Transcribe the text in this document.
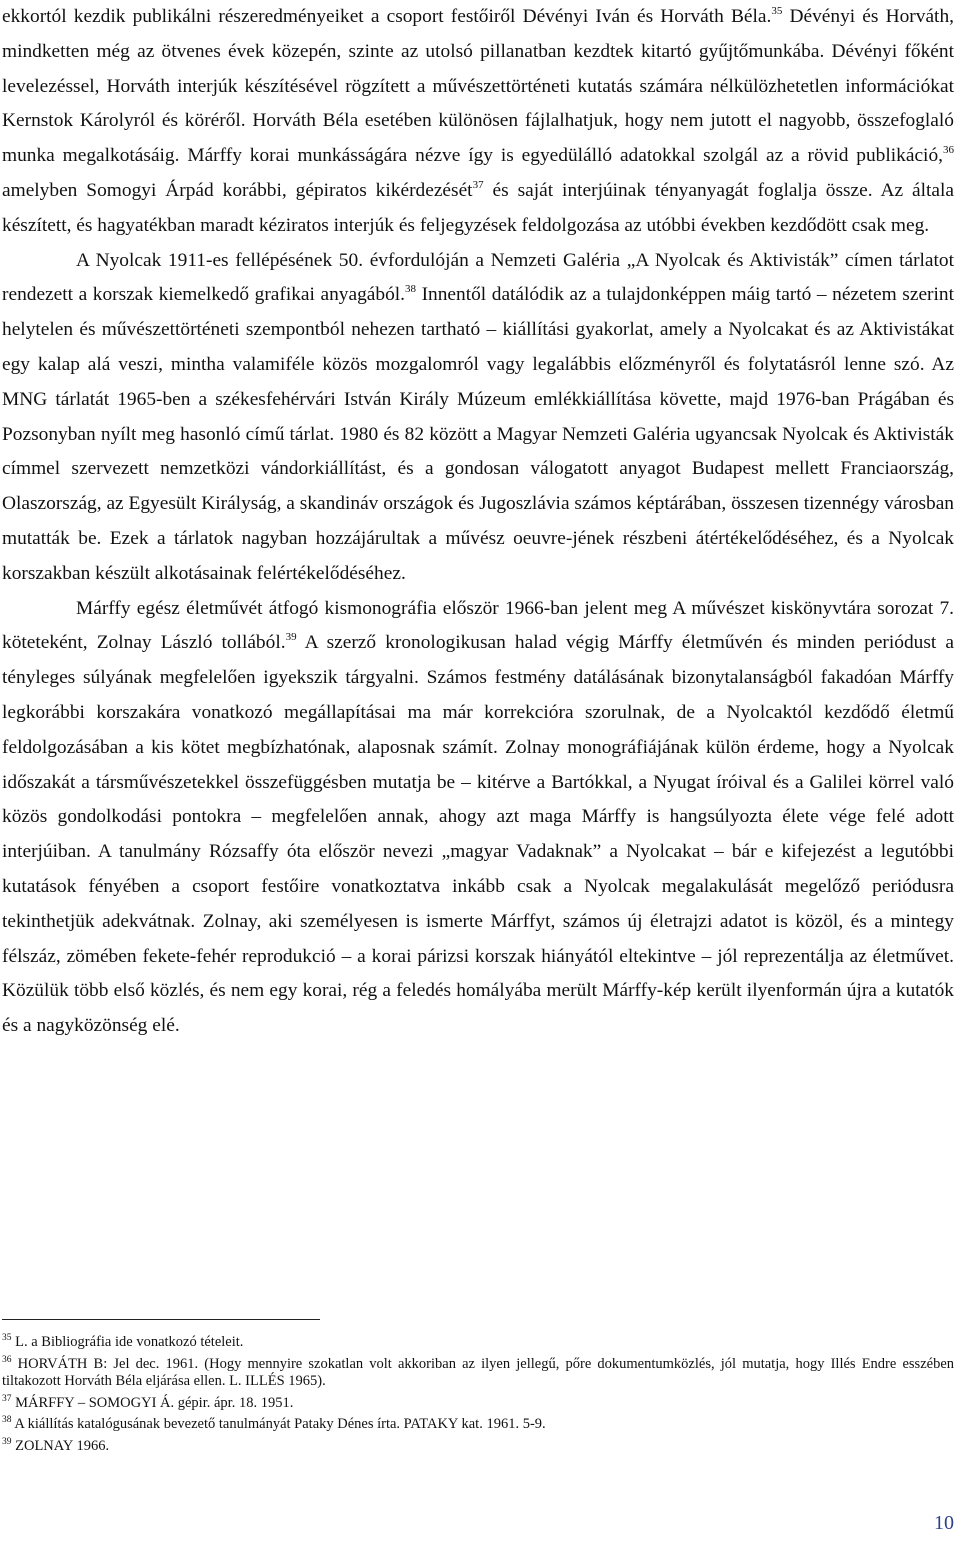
ekkortól kezdik publikálni részeredményeiket a csoport festőiről Dévényi Iván és Horváth Béla.$^{35}$ Dévényi és Horváth, mindketten még az ötvenes évek közepén, szinte az utolsó pillanatban kezdtek kitartó gyűjtőmunkába. Dévényi főként levelezéssel, Horváth interjúk készítésével rögzített a művészettörténeti kutatás számára nélkülözhetetlen információkat Kernstok Károlyról és köréről. Horváth Béla esetében különösen fájlalhatjuk, hogy nem jutott el nagyobb, összefoglaló munka megalkotásáig. Márffy korai munkásságára nézve így is egyedülálló adatokkal szolgál az a rövid publikáció,$^{36}$ amelyben Somogyi Árpád korábbi, gépiratos kikérdezését$^{37}$ és saját interjúinak tényanyagát foglalja össze. Az általa készített, és hagyatékban maradt kéziratos interjúk és feljegyzések feldolgozása az utóbbi években kezdődött csak meg.

A Nyolcak 1911-es fellépésének 50. évfordulóján a Nemzeti Galéria „A Nyolcak és Aktivisták” címen tárlatot rendezett a korszak kiemelkedő grafikai anyagából.$^{38}$ Innentől datálódik az a tulajdonképpen máig tartó – nézetem szerint helytelen és művészettörténeti szempontból nehezen tartható – kiállítási gyakorlat, amely a Nyolcakat és az Aktivistákat egy kalap alá veszi, mintha valamiféle közös mozgalomról vagy legalábbis előzményről és folytatásról lenne szó. Az MNG tárlatát 1965-ben a székesfehérvári István Király Múzeum emlékkiállítása követte, majd 1976-ban Prágában és Pozsonyban nyílt meg hasonló című tárlat. 1980 és 82 között a Magyar Nemzeti Galéria ugyancsak Nyolcak és Aktivisták címmel szervezett nemzetközi vándorkiállítást, és a gondosan válogatott anyagot Budapest mellett Franciaország, Olaszország, az Egyesült Királyság, a skandináv országok és Jugoszlávia számos képtárában, összesen tizennégy városban mutatták be. Ezek a tárlatok nagyban hozzájárultak a művész oeuvre-jének részbeni átértékelődéséhez, és a Nyolcak korszakban készült alkotásainak felértékelődéséhez.

Márffy egész életművét átfogó kismonográfia először 1966-ban jelent meg A művészet kiskönyvtára sorozat 7. köteteként, Zolnay László tollából.$^{39}$ A szerző kronologikusan halad végig Márffy életművén és minden periódust a tényleges súlyának megfelelően igyekszik tárgyalni. Számos festmény datálásának bizonytalanságból fakadóan Márffy legkorábbi korszakára vonatkozó megállapításai ma már korrekcióra szorulnak, de a Nyolcaktól kezdődő életmű feldolgozásában a kis kötet megbízhatónak, alaposnak számít. Zolnay monográfiájának külön érdeme, hogy a Nyolcak időszakát a társművészetekkel összefüggésben mutatja be – kitérve a Bartókkal, a Nyugat íróival és a Galilei körrel való közös gondolkodási pontokra – megfelelően annak, ahogy azt maga Márffy is hangsúlyozta élete vége felé adott interjúiban. A tanulmány Rózsaffy óta először nevezi „magyar Vadaknak” a Nyolcakat – bár e kifejezést a legutóbbi kutatások fényében a csoport festőire vonatkoztatva inkább csak a Nyolcak megalakulását megelőző periódusra tekinthetjük adekvátnak. Zolnay, aki személyesen is ismerte Márffyt, számos új életrajzi adatot is közöl, és a mintegy félszáz, zömében fekete-fehér reprodukció – a korai párizsi korszak hiányától eltekintve – jól reprezentálja az életművet. Közülük több első közlés, és nem egy korai, rég a feledés homályába merült Márffy-kép került ilyenformán újra a kutatók és a nagyközönség elé.

$^{35}$ L. a Bibliográfia ide vonatkozó tételeit.
$^{36}$ HORVÁTH B: Jel dec. 1961. (Hogy mennyire szokatlan volt akkoriban az ilyen jellegű, pőre dokumentumközlés, jól mutatja, hogy Illés Endre esszében tiltakozott Horváth Béla eljárása ellen. L. ILLÉS 1965).
$^{37}$ MÁRFFY – SOMOGYI Á. gépir. ápr. 18. 1951.
$^{38}$ A kiállítás katalógusának bevezető tanulmányát Pataky Dénes írta. PATAKY kat. 1961. 5-9.
$^{39}$ ZOLNAY 1966.
10
